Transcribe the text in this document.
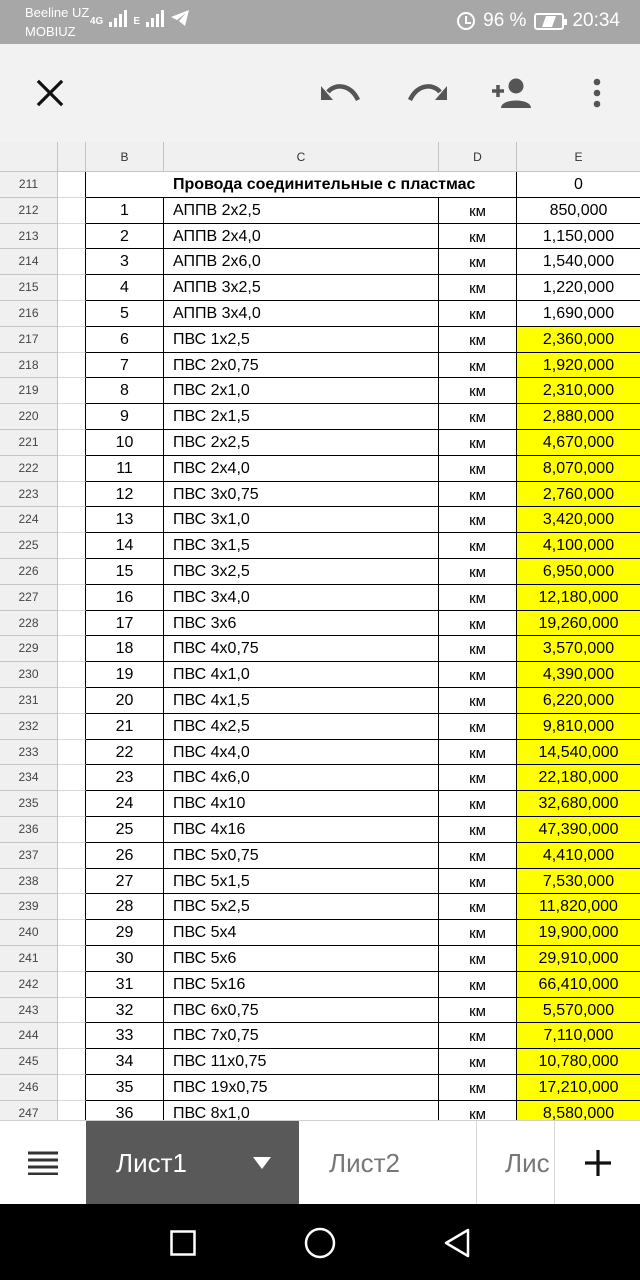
Beeline UZ
MOBIUZ
4G	E	96 % 20:34
B	C	D	E
211	Провода соединительные с пластмас	0
212	1	АППВ 2х2,5	км	850,000
213	2	АППВ 2х4,0	км	1,150,000
214	3	АППВ 2х6,0	км	1,540,000
215	4	АППВ 3х2,5	км	1,220,000
216	5	АППВ 3х4,0	км	1,690,000
217	6	ПВС 1х2,5	км	2,360,000
218	7	ПВС 2х0,75	км	1,920,000
219	8	ПВС 2х1,0	км	2,310,000
220	9	ПВС 2х1,5	км	2,880,000
221	10	ПВС 2х2,5	км	4,670,000
222	11	ПВС 2х4,0	км	8,070,000
223	12	ПВС 3х0,75	км	2,760,000
224	13	ПВС 3х1,0	км	3,420,000
225	14	ПВС 3х1,5	км	4,100,000
226	15	ПВС 3х2,5	км	6,950,000
227	16	ПВС 3х4,0	км	12,180,000
228	17	ПВС 3х6	км	19,260,000
229	18	ПВС 4х0,75	км	3,570,000
230	19	ПВС 4х1,0	км	4,390,000
231	20	ПВС 4х1,5	км	6,220,000
232	21	ПВС 4х2,5	км	9,810,000
233	22	ПВС 4х4,0	км	14,540,000
234	23	ПВС 4х6,0	км	22,180,000
235	24	ПВС 4х10	км	32,680,000
236	25	ПВС 4х16	км	47,390,000
237	26	ПВС 5х0,75	км	4,410,000
238	27	ПВС 5х1,5	км	7,530,000
239	28	ПВС 5х2,5	км	11,820,000
240	29	ПВС 5х4	км	19,900,000
241	30	ПВС 5х6	км	29,910,000
242	31	ПВС 5х16	км	66,410,000
243	32	ПВС 6х0,75	км	5,570,000
244	33	ПВС 7х0,75	км	7,110,000
245	34	ПВС 11х0,75	км	10,780,000
246	35	ПВС 19х0,75	км	17,210,000
247	36	ПВС 8х1,0	км	8,580,000
Лист1	Лист2	Лис
